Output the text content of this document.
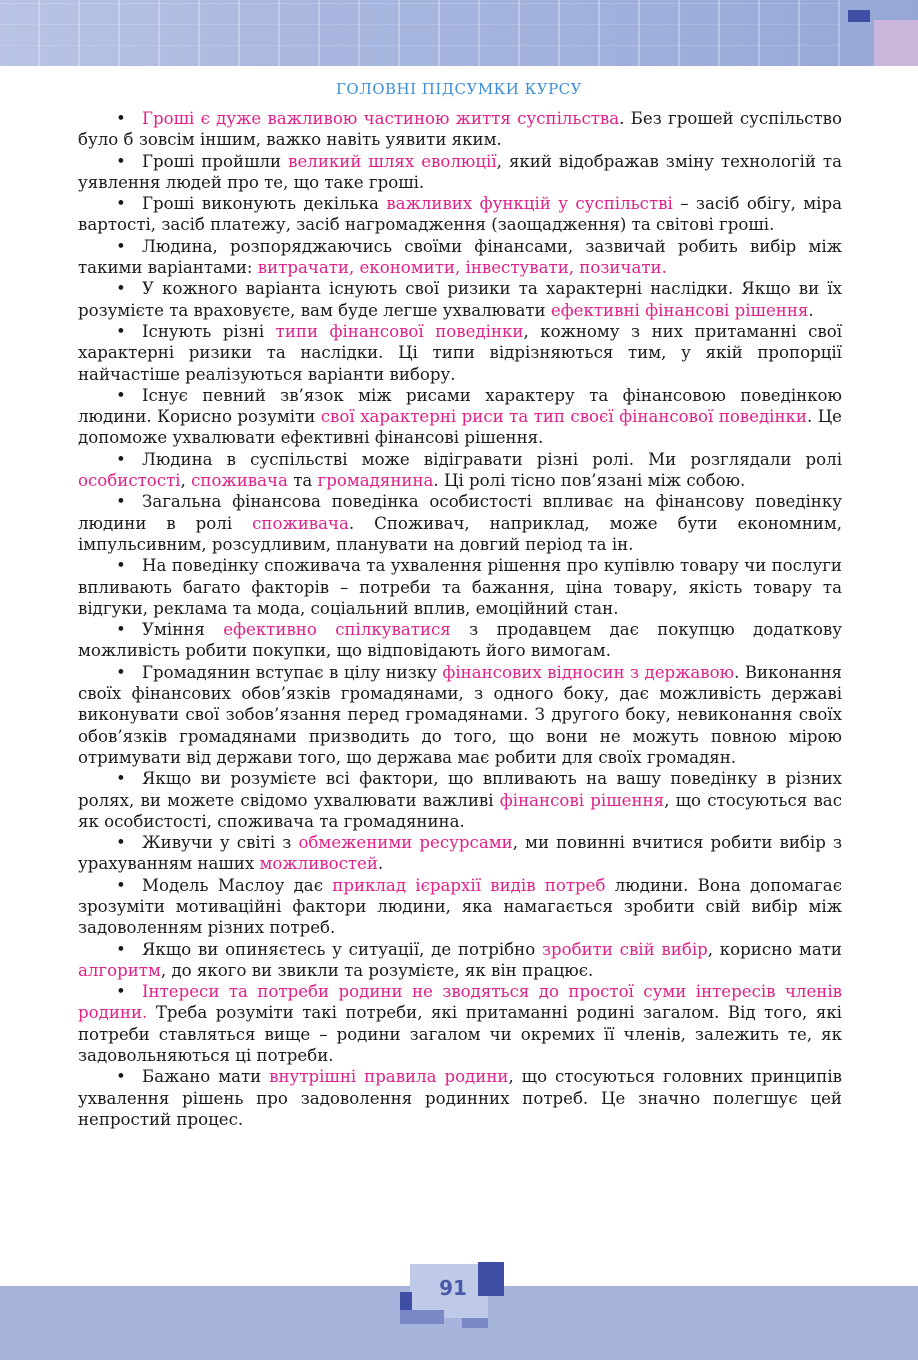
ГОЛОВНІ ПІДСУМКИ КУРСУ

• Гроші є дуже важливою частиною життя суспільства. Без грошей суспільство було б зовсім іншим, важко навіть уявити яким.

• Гроші пройшли великий шлях еволюції, який відображав зміну технологій та уявлення людей про те, що таке гроші.

• Гроші виконують декілька важливих функцій у суспільстві – засіб обігу, міра вартості, засіб платежу, засіб нагромадження (заощадження) та світові гроші.

• Людина, розпоряджаючись своїми фінансами, зазвичай робить вибір між такими варіантами: витрачати, економити, інвестувати, позичати.

• У кожного варіанта існують свої ризики та характерні наслідки. Якщо ви їх розумієте та враховуєте, вам буде легше ухвалювати ефективні фінансові рішення.

• Існують різні типи фінансової поведінки, кожному з них притаманні свої характерні ризики та наслідки. Ці типи відрізняються тим, у якій пропорції найчастіше реалізуються варіанти вибору.

• Існує певний зв’язок між рисами характеру та фінансовою поведінкою людини. Корисно розуміти свої характерні риси та тип своєї фінансової поведінки. Це допоможе ухвалювати ефективні фінансові рішення.

• Людина в суспільстві може відігравати різні ролі. Ми розглядали ролі особистості, споживача та громадянина. Ці ролі тісно пов’язані між собою.

• Загальна фінансова поведінка особистості впливає на фінансову поведінку людини в ролі споживача. Споживач, наприклад, може бути економним, імпульсивним, розсудливим, планувати на довгий період та ін.

• На поведінку споживача та ухвалення рішення про купівлю товару чи послуги впливають багато факторів – потреби та бажання, ціна товару, якість товару та відгуки, реклама та мода, соціальний вплив, емоційний стан.

• Уміння ефективно спілкуватися з продавцем дає покупцю додаткову можливість робити покупки, що відповідають його вимогам.

• Громадянин вступає в цілу низку фінансових відносин з державою. Виконання своїх фінансових обов’язків громадянами, з одного боку, дає можливість державі виконувати свої зобов’язання перед громадянами. З другого боку, невиконання своїх обов’язків громадянами призводить до того, що вони не можуть повною мірою отримувати від держави того, що держава має робити для своїх громадян.

• Якщо ви розумієте всі фактори, що впливають на вашу поведінку в різних ролях, ви можете свідомо ухвалювати важливі фінансові рішення, що стосуються вас як особистості, споживача та громадянина.

• Живучи у світі з обмеженими ресурсами, ми повинні вчитися робити вибір з урахуванням наших можливостей.

• Модель Маслоу дає приклад ієрархії видів потреб людини. Вона допомагає зрозуміти мотиваційні фактори людини, яка намагається зробити свій вибір між задоволенням різних потреб.

• Якщо ви опиняєтесь у ситуації, де потрібно зробити свій вибір, корисно мати алгоритм, до якого ви звикли та розумієте, як він працює.

• Інтереси та потреби родини не зводяться до простої суми інтересів членів родини. Треба розуміти такі потреби, які притаманні родині загалом. Від того, які потреби ставляться вище – родини загалом чи окремих її членів, залежить те, як задовольняються ці потреби.

• Бажано мати внутрішні правила родини, що стосуються головних принципів ухвалення рішень про задоволення родинних потреб. Це значно полегшує цей непростий процес.

91
